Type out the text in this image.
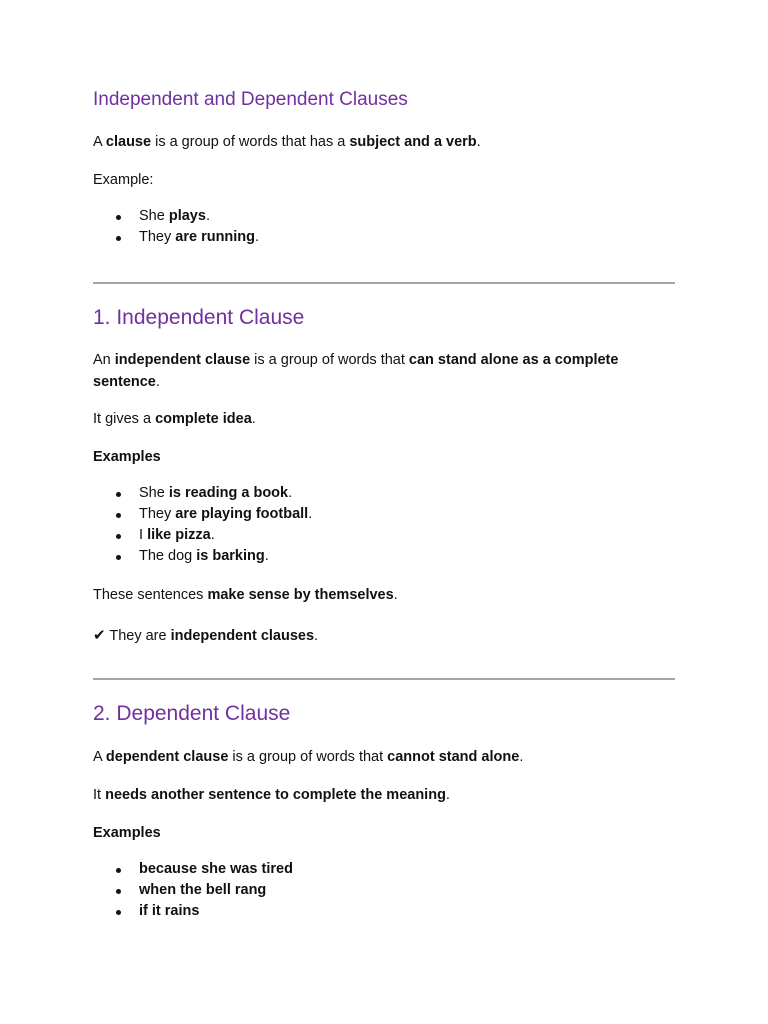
Independent and Dependent Clauses
A clause is a group of words that has a subject and a verb.
Example:
She plays.
They are running.
1. Independent Clause
An independent clause is a group of words that can stand alone as a complete sentence.
It gives a complete idea.
Examples
She is reading a book.
They are playing football.
I like pizza.
The dog is barking.
These sentences make sense by themselves.
✔ They are independent clauses.
2. Dependent Clause
A dependent clause is a group of words that cannot stand alone.
It needs another sentence to complete the meaning.
Examples
because she was tired
when the bell rang
if it rains
